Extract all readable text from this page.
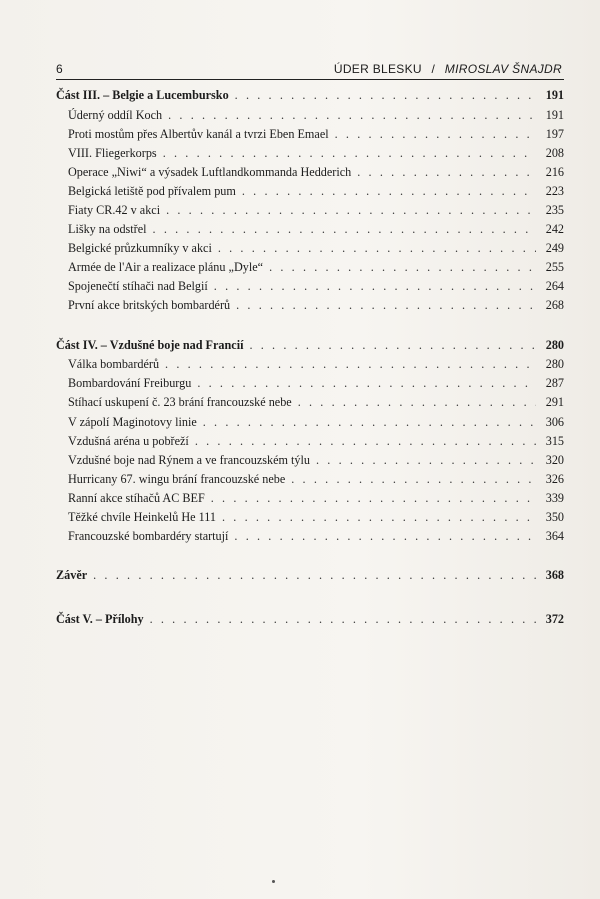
6	ÚDER BLESKU / MIROSLAV ŠNAJDR
Část III. – Belgie a Lucembursko . . .	191
Úderný oddíl Koch . . .	191
Proti mostům přes Albertův kanál a tvrzi Eben Emael . . .	197
VIII. Fliegerkorps . . .	208
Operace „Niwi“ a výsadek Luftlandkommanda Hedderich . . .	216
Belgická letiště pod přívalem pum . . .	223
Fiaty CR.42 v akci . . .	235
Lišky na odstřel . . .	242
Belgické průzkumníky v akci . . .	249
Armée de l'Air a realizace plánu „Dyle“ . . .	255
Spojenečtí stíhači nad Belgií . . .	264
První akce britských bombardérů . . .	268
Část IV. – Vzdušné boje nad Francií . . .	280
Válka bombardérů . . .	280
Bombardování Freiburgu . . .	287
Stíhací uskupení č. 23 brání francouzské nebe . . .	291
V zápolí Maginotovy linie . . .	306
Vzdušná aréna u pobřeží . . .	315
Vzdušné boje nad Rýnem a ve francouzském týlu . . .	320
Hurricany 67. wingu brání francouzské nebe . . .	326
Ranní akce stíhačů AC BEF . . .	339
Těžké chvíle Heinkelů He 111 . . .	350
Francouzské bombardéry startují . . .	364
Závěr . . .	368
Část V. – Přílohy . . .	372
